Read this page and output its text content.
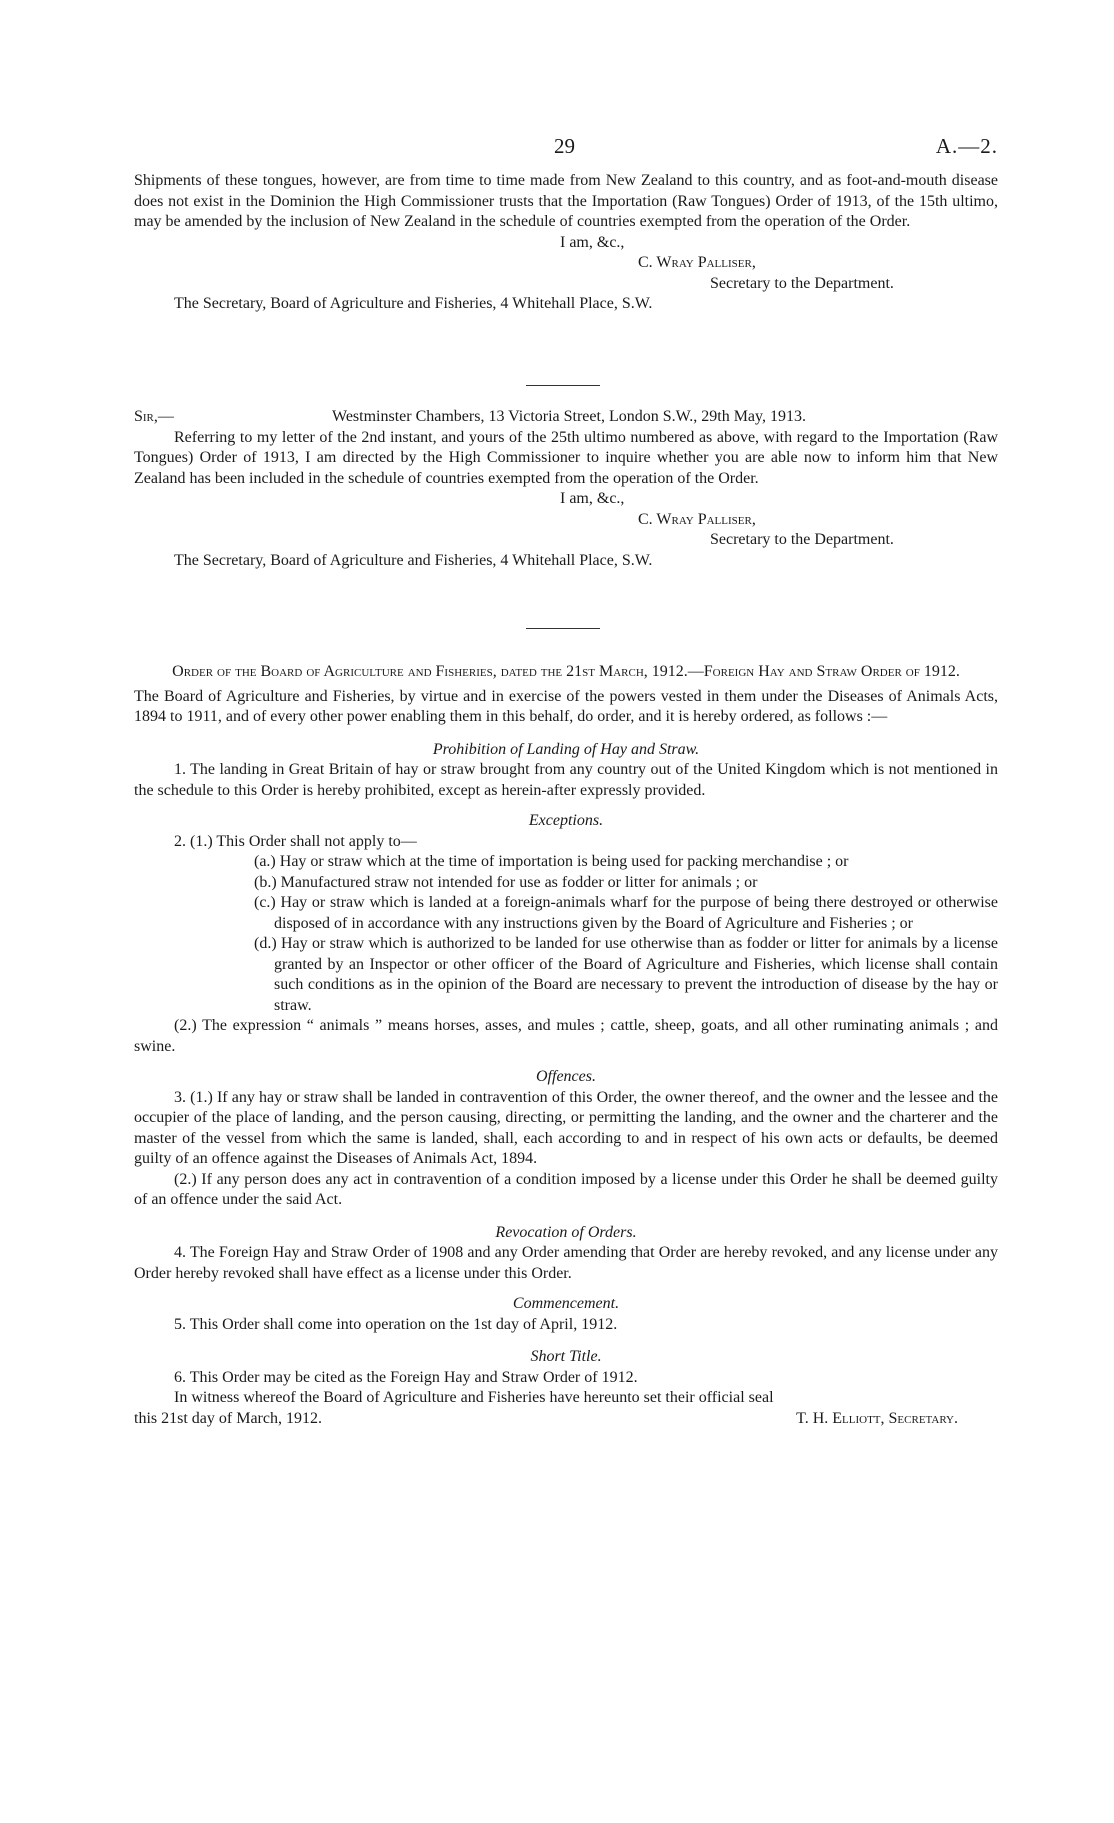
29	A.—2.

Shipments of these tongues, however, are from time to time made from New Zealand to this country, and as foot-and-mouth disease does not exist in the Dominion the High Commissioner trusts that the Importation (Raw Tongues) Order of 1913, of the 15th ultimo, may be amended by the inclusion of New Zealand in the schedule of countries exempted from the operation of the Order.

I am, &c.,

C. Wray Palliser,

Secretary to the Department.

The Secretary, Board of Agriculture and Fisheries, 4 Whitehall Place, S.W.

Sir,—	Westminster Chambers, 13 Victoria Street, London S.W., 29th May, 1913.

Referring to my letter of the 2nd instant, and yours of the 25th ultimo numbered as above, with regard to the Importation (Raw Tongues) Order of 1913, I am directed by the High Commissioner to inquire whether you are able now to inform him that New Zealand has been included in the schedule of countries exempted from the operation of the Order.

I am, &c.,

C. Wray Palliser,

Secretary to the Department.

The Secretary, Board of Agriculture and Fisheries, 4 Whitehall Place, S.W.

Order of the Board of Agriculture and Fisheries, dated the 21st March, 1912.—Foreign Hay and Straw Order of 1912.

The Board of Agriculture and Fisheries, by virtue and in exercise of the powers vested in them under the Diseases of Animals Acts, 1894 to 1911, and of every other power enabling them in this behalf, do order, and it is hereby ordered, as follows :—

Prohibition of Landing of Hay and Straw.

1. The landing in Great Britain of hay or straw brought from any country out of the United Kingdom which is not mentioned in the schedule to this Order is hereby prohibited, except as herein-after expressly provided.

Exceptions.

2. (1.) This Order shall not apply to—

(a.) Hay or straw which at the time of importation is being used for packing merchandise ; or

(b.) Manufactured straw not intended for use as fodder or litter for animals ; or

(c.) Hay or straw which is landed at a foreign-animals wharf for the purpose of being there destroyed or otherwise disposed of in accordance with any instructions given by the Board of Agriculture and Fisheries ; or

(d.) Hay or straw which is authorized to be landed for use otherwise than as fodder or litter for animals by a license granted by an Inspector or other officer of the Board of Agriculture and Fisheries, which license shall contain such conditions as in the opinion of the Board are necessary to prevent the introduction of disease by the hay or straw.

(2.) The expression “ animals ” means horses, asses, and mules ; cattle, sheep, goats, and all other ruminating animals ; and swine.

Offences.

3. (1.) If any hay or straw shall be landed in contravention of this Order, the owner thereof, and the owner and the lessee and the occupier of the place of landing, and the person causing, directing, or permitting the landing, and the owner and the charterer and the master of the vessel from which the same is landed, shall, each according to and in respect of his own acts or defaults, be deemed guilty of an offence against the Diseases of Animals Act, 1894.

(2.) If any person does any act in contravention of a condition imposed by a license under this Order he shall be deemed guilty of an offence under the said Act.

Revocation of Orders.

4. The Foreign Hay and Straw Order of 1908 and any Order amending that Order are hereby revoked, and any license under any Order hereby revoked shall have effect as a license under this Order.

Commencement.

5. This Order shall come into operation on the 1st day of April, 1912.

Short Title.

6. This Order may be cited as the Foreign Hay and Straw Order of 1912.

In witness whereof the Board of Agriculture and Fisheries have hereunto set their official seal

this 21st day of March, 1912.	T. H. Elliott, Secretary.
